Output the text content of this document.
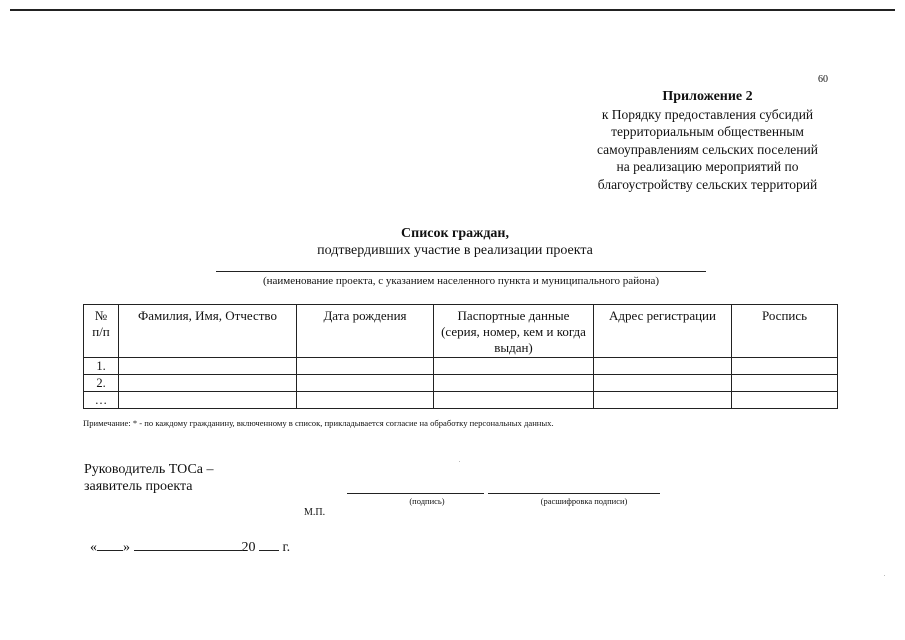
60
Приложение 2
к Порядку предоставления субсидий
территориальным общественным
самоуправлениям сельских поселений
на реализацию мероприятий по
благоустройству сельских территорий
Список граждан,
подтвердивших участие в реализации проекта
(наименование проекта, с указанием населенного пункта и муниципального района)
№ п/п	Фамилия, Имя, Отчество	Дата рождения	Паспортные данные (серия, номер, кем и когда выдан)	Адрес регистрации	Роспись
1.					
2.					
…					
Примечание: * - по каждому гражданину, включенному в список, прикладывается согласие на обработку персональных данных.
Руководитель ТОСа –
заявитель проекта
(подпись)	(расшифровка подписи)
М.П.
« »	20 г.
